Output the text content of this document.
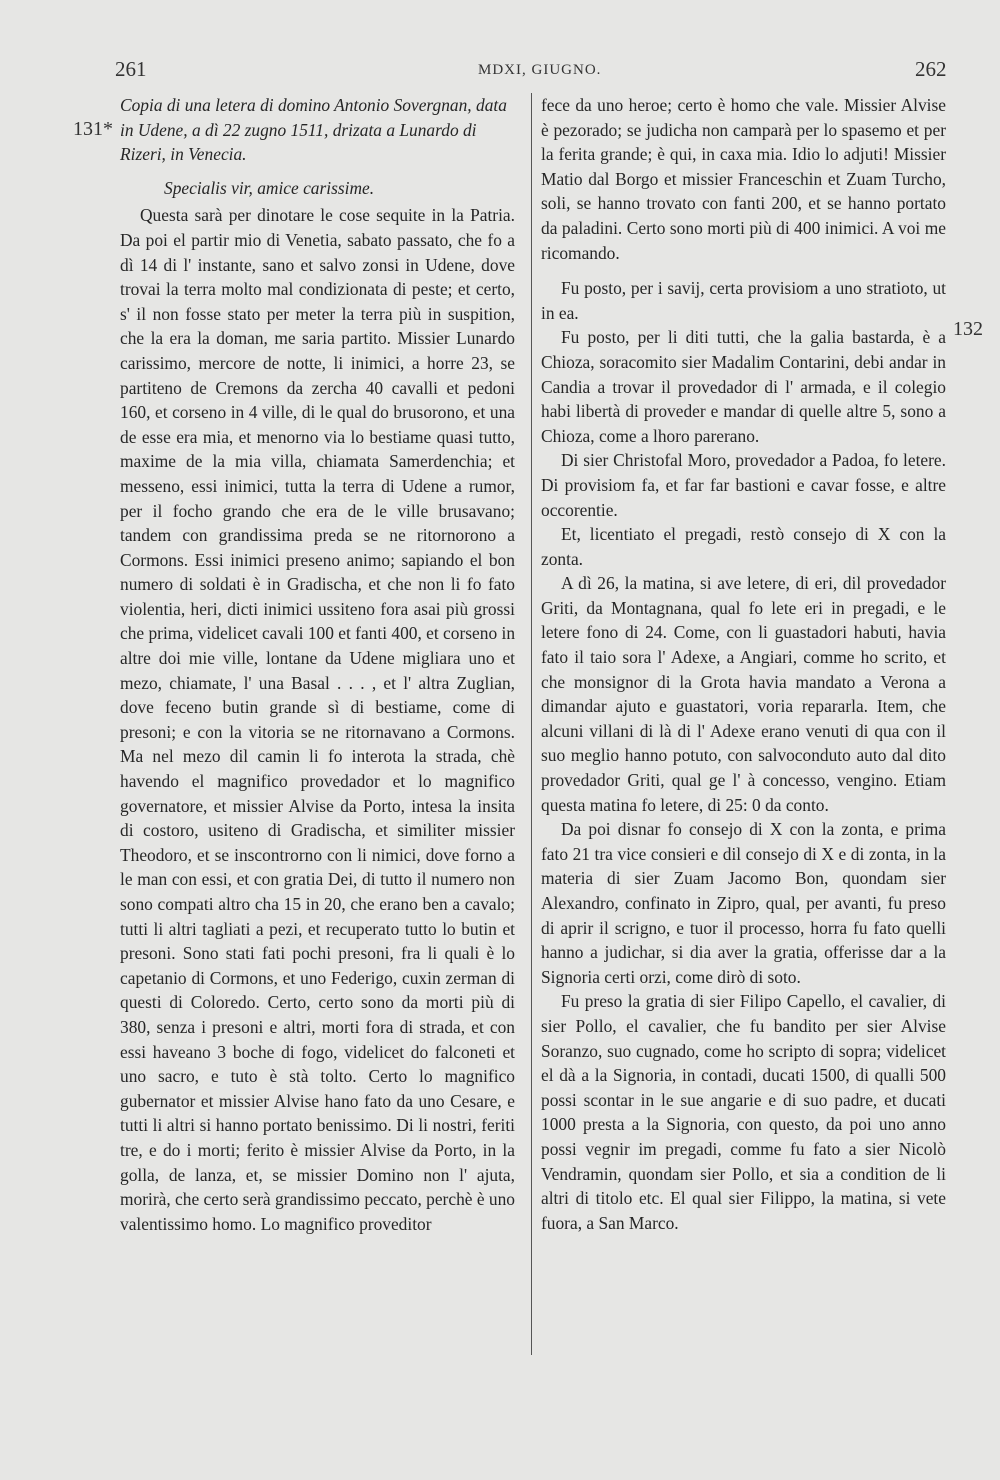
261	MDXI, GIUGNO.	262
131*
132

Copia di una letera di domino Antonio Sovergnan, data in Udene, a dì 22 zugno 1511, drizata a Lunardo di Rizeri, in Venecia.

Specialis vir, amice carissime.

Questa sarà per dinotare le cose sequite in la Patria. Da poi el partir mio di Venetia, sabato passato, che fo a dì 14 di l' instante, sano et salvo zonsi in Udene, dove trovai la terra molto mal condizionata di peste; et certo, s' il non fosse stato per meter la terra più in suspition, che la era la doman, me saria partito. Missier Lunardo carissimo, mercore de notte, li inimici, a horre 23, se partiteno de Cremons da zercha 40 cavalli et pedoni 160, et corseno in 4 ville, di le qual do brusorono, et una de esse era mia, et menorno via lo bestiame quasi tutto, maxime de la mia villa, chiamata Samerdenchia; et messeno, essi inimici, tutta la terra di Udene a rumor, per il focho grando che era de le ville brusavano; tandem con grandissima preda se ne ritornorono a Cormons. Essi inimici preseno animo; sapiando el bon numero di soldati è in Gradischa, et che non li fo fato violentia, heri, dicti inimici ussiteno fora asai più grossi che prima, videlicet cavali 100 et fanti 400, et corseno in altre doi mie ville, lontane da Udene migliara uno et mezo, chiamate, l' una Basal . . . , et l' altra Zuglian, dove feceno butin grande sì di bestiame, come di presoni; e con la vitoria se ne ritornavano a Cormons. Ma nel mezo dil camin li fo interota la strada, chè havendo el magnifico provedador et lo magnifico governatore, et missier Alvise da Porto, intesa la insita di costoro, usiteno di Gradischa, et similiter missier Theodoro, et se inscontrorno con li nimici, dove forno a le man con essi, et con gratia Dei, di tutto il numero non sono compati altro cha 15 in 20, che erano ben a cavalo; tutti li altri tagliati a pezi, et recuperato tutto lo butin et presoni. Sono stati fati pochi presoni, fra li quali è lo capetanio di Cormons, et uno Federigo, cuxin zerman di questi di Coloredo. Certo, certo sono da morti più di 380, senza i presoni e altri, morti fora di strada, et con essi haveano 3 boche di fogo, videlicet do falconeti et uno sacro, e tuto è stà tolto. Certo lo magnifico gubernator et missier Alvise hano fato da uno Cesare, e tutti li altri si hanno portato benissimo. Di li nostri, feriti tre, e do i morti; ferito è missier Alvise da Porto, in la golla, de lanza, et, se missier Domino non l' ajuta, morirà, che certo serà grandissimo peccato, perchè è uno valentissimo homo. Lo magnifico proveditor

fece da uno heroe; certo è homo che vale. Missier Alvise è pezorado; se judicha non camparà per lo spasemo et per la ferita grande; è qui, in caxa mia. Idio lo adjuti! Missier Matio dal Borgo et missier Franceschin et Zuam Turcho, soli, se hanno trovato con fanti 200, et se hanno portato da paladini. Certo sono morti più di 400 inimici. A voi me ricomando.

Fu posto, per i savij, certa provisiom a uno stratioto, ut in ea.

Fu posto, per li diti tutti, che la galia bastarda, è a Chioza, soracomito sier Madalim Contarini, debi andar in Candia a trovar il provedador di l' armada, e il colegio habi libertà di proveder e mandar di quelle altre 5, sono a Chioza, come a lhoro parerano.

Di sier Christofal Moro, provedador a Padoa, fo letere. Di provisiom fa, et far far bastioni e cavar fosse, e altre occorentie.

Et, licentiato el pregadi, restò consejo di X con la zonta.

A dì 26, la matina, si ave letere, di eri, dil provedador Griti, da Montagnana, qual fo lete eri in pregadi, e le letere fono di 24. Come, con li guastadori habuti, havia fato il taio sora l' Adexe, a Angiari, comme ho scrito, et che monsignor di la Grota havia mandato a Verona a dimandar ajuto e guastatori, voria repararla. Item, che alcuni villani di là di l' Adexe erano venuti di qua con il suo meglio hanno potuto, con salvoconduto auto dal dito provedador Griti, qual ge l' à concesso, vengino. Etiam questa matina fo letere, di 25: 0 da conto.

Da poi disnar fo consejo di X con la zonta, e prima fato 21 tra vice consieri e dil consejo di X e di zonta, in la materia di sier Zuam Jacomo Bon, quondam sier Alexandro, confinato in Zipro, qual, per avanti, fu preso di aprir il scrigno, e tuor il processo, horra fu fato quelli hanno a judichar, si dia aver la gratia, offerisse dar a la Signoria certi orzi, come dirò di soto.

Fu preso la gratia di sier Filipo Capello, el cavalier, di sier Pollo, el cavalier, che fu bandito per sier Alvise Soranzo, suo cugnado, come ho scripto di sopra; videlicet el dà a la Signoria, in contadi, ducati 1500, di qualli 500 possi scontar in le sue angarie e di suo padre, et ducati 1000 presta a la Signoria, con questo, da poi uno anno possi vegnir im pregadi, comme fu fato a sier Nicolò Vendramin, quondam sier Pollo, et sia a condition de li altri di titolo etc. El qual sier Filippo, la matina, si vete fuora, a San Marco.
